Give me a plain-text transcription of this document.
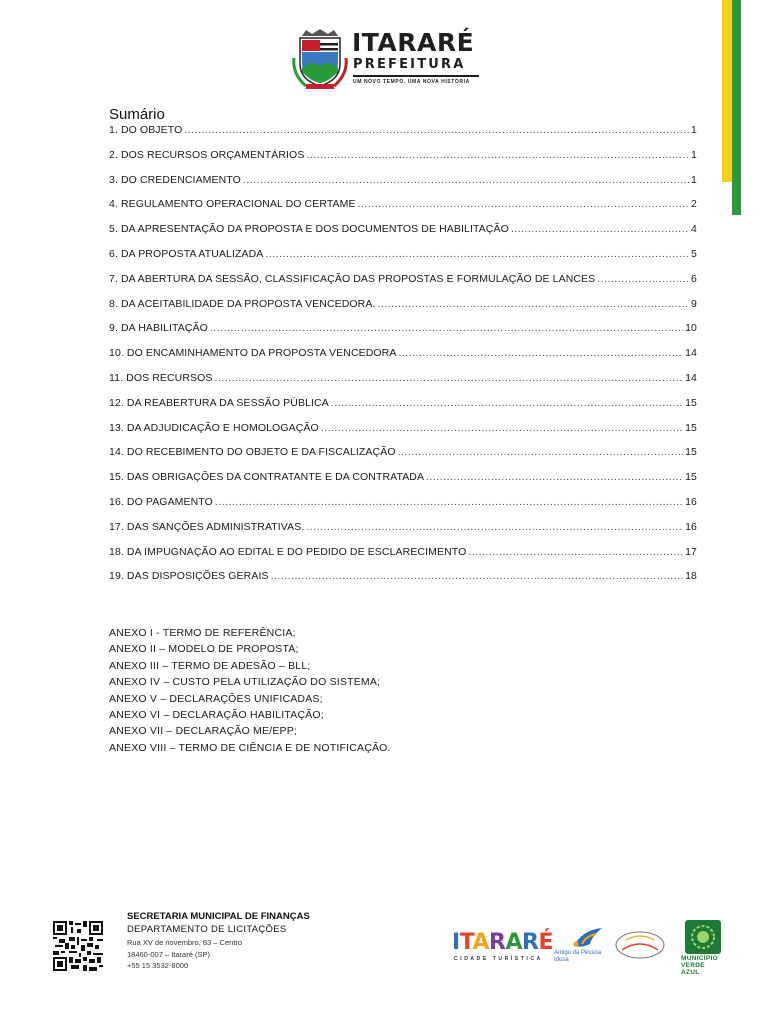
ITARARÉ
PREFEITURA
UM NOVO TEMPO. UMA NOVA HISTÓRIA
Sumário
1. DO OBJETO .....	1
2. DOS RECURSOS ORÇAMENTÁRIOS .....	1
3. DO CREDENCIAMENTO .....	1
4. REGULAMENTO OPERACIONAL DO CERTAME .....	2
5. DA APRESENTAÇÃO DA PROPOSTA E DOS DOCUMENTOS DE HABILITAÇÃO .....	4
6. DA PROPOSTA ATUALIZADA .....	5
7. DA ABERTURA DA SESSÃO, CLASSIFICAÇÃO DAS PROPOSTAS E FORMULAÇÃO DE LANCES .....	6
8. DA ACEITABILIDADE DA PROPOSTA VENCEDORA. .....	9
9. DA HABILITAÇÃO .....	10
10. DO ENCAMINHAMENTO DA PROPOSTA VENCEDORA .....	14
11. DOS RECURSOS .....	14
12. DA REABERTURA DA SESSÃO PÚBLICA .....	15
13. DA ADJUDICAÇÃO E HOMOLOGAÇÃO .....	15
14. DO RECEBIMENTO DO OBJETO E DA FISCALIZAÇÃO .....	15
15. DAS OBRIGAÇÕES DA CONTRATANTE E DA CONTRATADA .....	15
16. DO PAGAMENTO .....	16
17. DAS SANÇÕES ADMINISTRATIVAS. .....	16
18. DA IMPUGNAÇÃO AO EDITAL E DO PEDIDO DE ESCLARECIMENTO .....	17
19. DAS DISPOSIÇÕES GERAIS .....	18
ANEXO I - TERMO DE REFERÊNCIA;
ANEXO II – MODELO DE PROPOSTA;
ANEXO III – TERMO DE ADESÃO – BLL;
ANEXO IV – CUSTO PELA UTILIZAÇÃO DO SISTEMA;
ANEXO V – DECLARAÇÕES UNIFICADAS;
ANEXO VI – DECLARAÇÃO HABILITAÇÃO;
ANEXO VII – DECLARAÇÃO ME/EPP;
ANEXO VIII – TERMO DE CIÊNCIA E DE NOTIFICAÇÃO.
SECRETARIA MUNICIPAL DE FINANÇAS
DEPARTAMENTO DE LICITAÇÕES
Rua XV de novembro, 83 – Centro
18460-007 – Itararé (SP)
+55 15 3532-8000
ITARARÉ
CIDADE TURÍSTICA
Amigo da Pessoa Idosa	MUNICÍPIO VERDE AZUL
